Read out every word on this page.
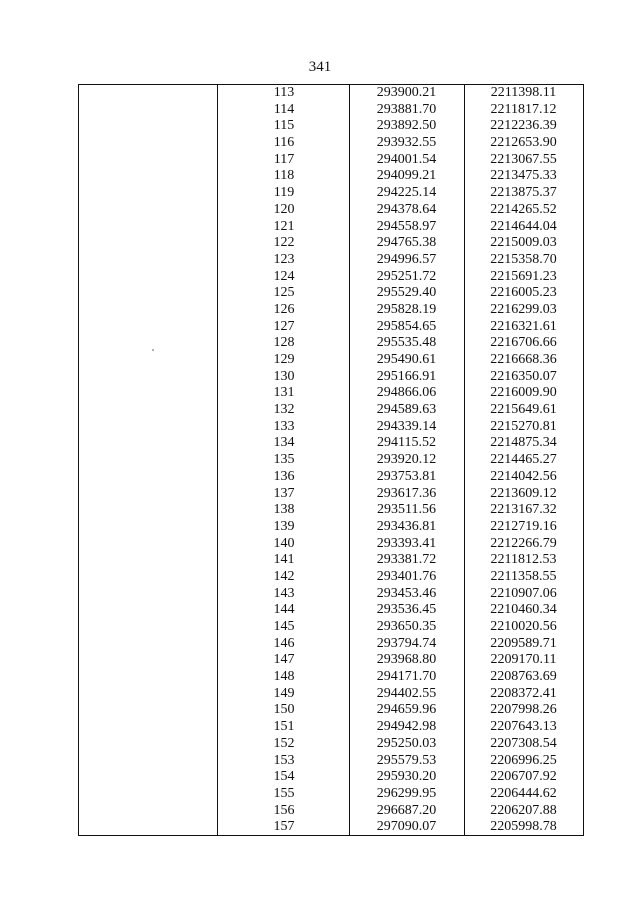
341
113	293900.21	2211398.11
114	293881.70	2211817.12
115	293892.50	2212236.39
116	293932.55	2212653.90
117	294001.54	2213067.55
118	294099.21	2213475.33
119	294225.14	2213875.37
120	294378.64	2214265.52
121	294558.97	2214644.04
122	294765.38	2215009.03
123	294996.57	2215358.70
124	295251.72	2215691.23
125	295529.40	2216005.23
126	295828.19	2216299.03
127	295854.65	2216321.61
128	295535.48	2216706.66
129	295490.61	2216668.36
130	295166.91	2216350.07
131	294866.06	2216009.90
132	294589.63	2215649.61
133	294339.14	2215270.81
134	294115.52	2214875.34
135	293920.12	2214465.27
136	293753.81	2214042.56
137	293617.36	2213609.12
138	293511.56	2213167.32
139	293436.81	2212719.16
140	293393.41	2212266.79
141	293381.72	2211812.53
142	293401.76	2211358.55
143	293453.46	2210907.06
144	293536.45	2210460.34
145	293650.35	2210020.56
146	293794.74	2209589.71
147	293968.80	2209170.11
148	294171.70	2208763.69
149	294402.55	2208372.41
150	294659.96	2207998.26
151	294942.98	2207643.13
152	295250.03	2207308.54
153	295579.53	2206996.25
154	295930.20	2206707.92
155	296299.95	2206444.62
156	296687.20	2206207.88
157	297090.07	2205998.78
